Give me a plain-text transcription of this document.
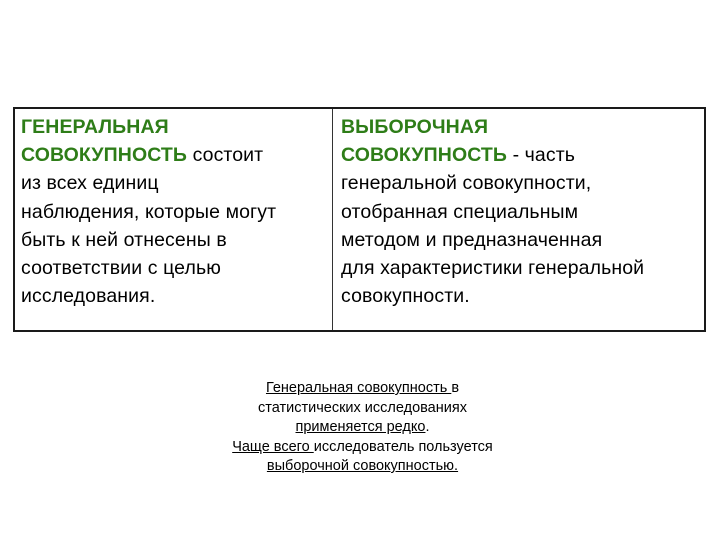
ГЕНЕРАЛЬНАЯ
СОВОКУПНОСТЬ состоит
из всех единиц
наблюдения, которые могут
быть к ней отнесены в
соответствии с целью
исследования.
ВЫБОРОЧНАЯ
СОВОКУПНОСТЬ - часть
генеральной совокупности,
отобранная специальным
методом и предназначенная
для характеристики генеральной
совокупности.
Генеральная совокупность в
статистических исследованиях
применяется редко.
Чаще всего исследователь пользуется
выборочной совокупностью.
